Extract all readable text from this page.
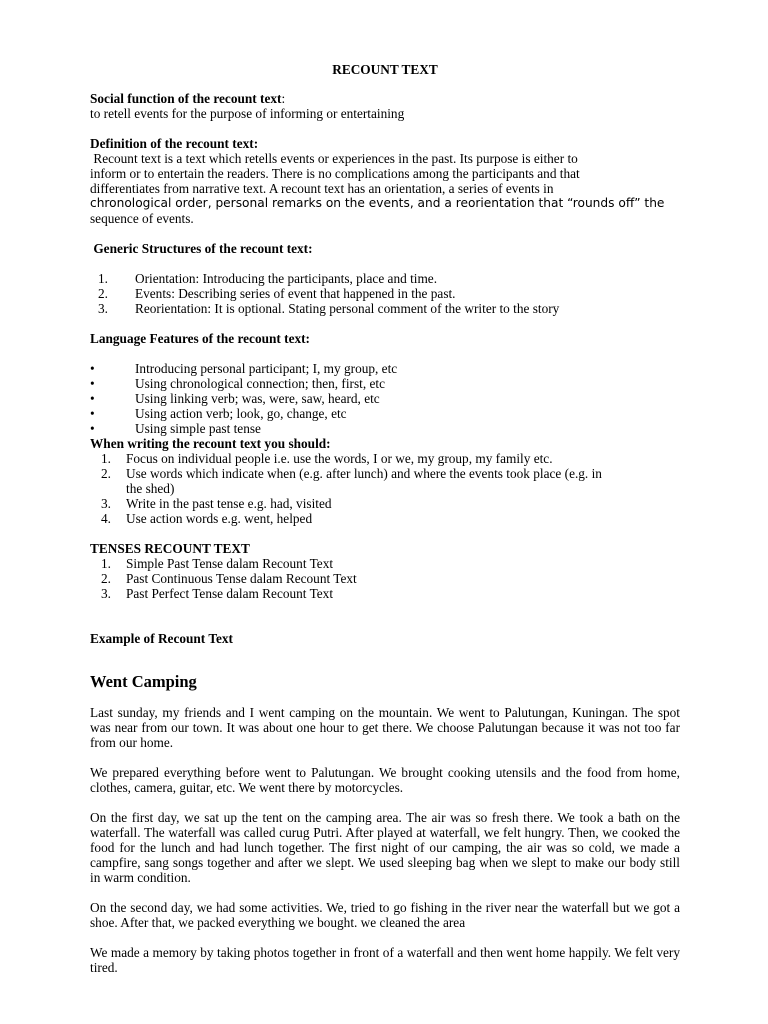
RECOUNT TEXT

Social function of the recount text:

to retell events for the purpose of informing or entertaining

Definition of the recount text:

Recount text is a text which retells events or experiences in the past. Its purpose is either to

inform or to entertain the readers. There is no complications among the participants and that

differentiates from narrative text. A recount text has an orientation, a series of events in

chronological order, personal remarks on the events, and a reorientation that “rounds off” the

sequence of events.

Generic Structures of the recount text:

1.	Orientation: Introducing the participants, place and time.
2.	Events: Describing series of event that happened in the past.
3.	Reorientation: It is optional. Stating personal comment of the writer to the story

Language Features of the recount text:

•	Introducing personal participant; I, my group, etc
•	Using chronological connection; then, first, etc
•	Using linking verb; was, were, saw, heard, etc
•	Using action verb; look, go, change, etc
•	Using simple past tense

When writing the recount text you should:

1.	Focus on individual people i.e. use the words, I or we, my group, my family etc.
2.	Use words which indicate when (e.g. after lunch) and where the events took place (e.g. in
the shed)
3.	Write in the past tense e.g. had, visited
4.	Use action words e.g. went, helped

TENSES RECOUNT TEXT

1.	Simple Past Tense dalam Recount Text
2.	Past Continuous Tense dalam Recount Text
3.	Past Perfect Tense dalam Recount Text

Example of Recount Text

Went Camping

Last sunday, my friends and I went camping on the mountain. We went to Palutungan, Kuningan. The spot was near from our town. It was about one hour to get there. We choose Palutungan because it was not too far from our home.

We prepared everything before went to Palutungan. We brought cooking utensils and the food from home, clothes, camera, guitar, etc. We went there by motorcycles.

On the first day, we sat up the tent on the camping area. The air was so fresh there. We took a bath on the waterfall. The waterfall was called curug Putri. After played at waterfall, we felt hungry. Then, we cooked the food for the lunch and had lunch together. The first night of our camping, the air was so cold, we made a campfire, sang songs together and after we slept. We used sleeping bag when we slept to make our body still in warm condition.

On the second day, we had some activities. We, tried to go fishing in the river near the waterfall but we got a shoe. After that, we packed everything we bought. we cleaned the area

We made a memory by taking photos together in front of a waterfall and then went home happily. We felt very tired.
